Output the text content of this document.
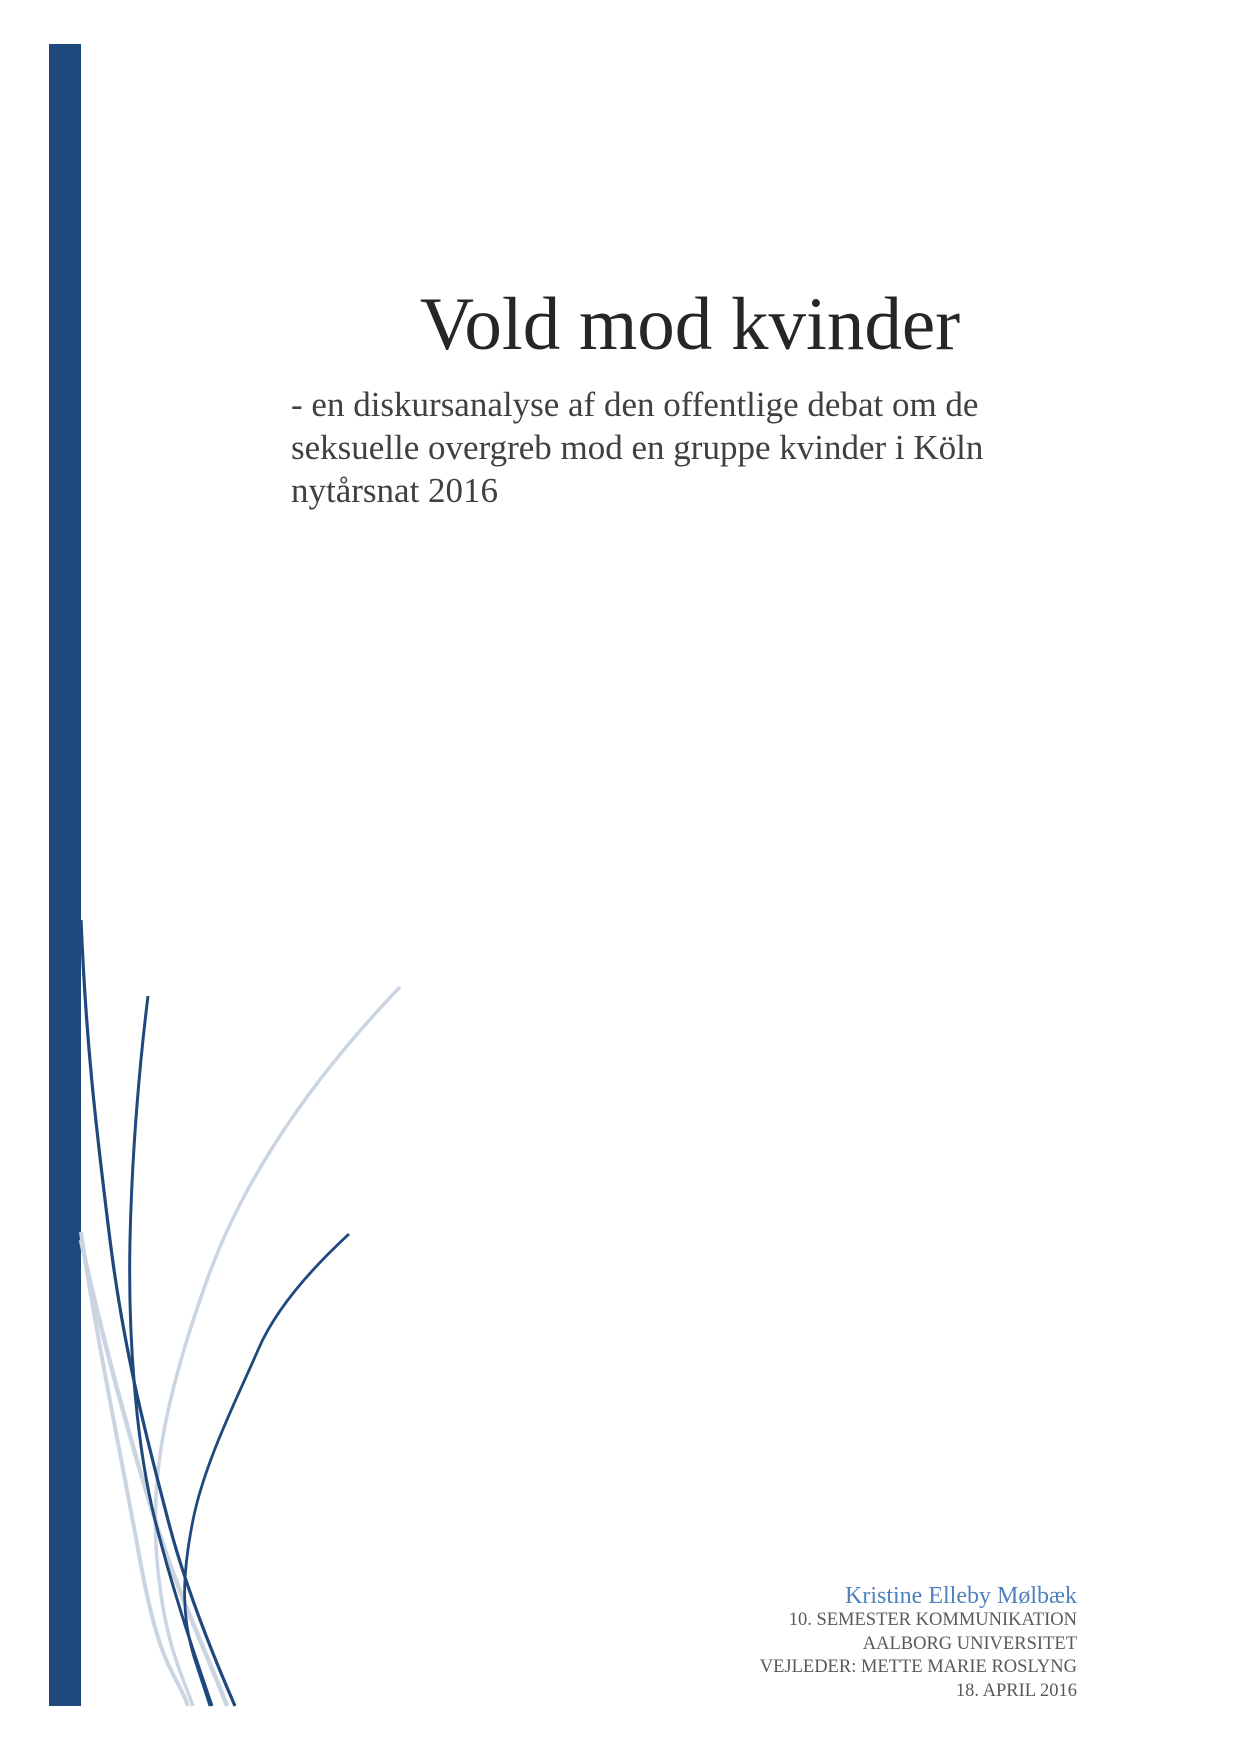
Vold mod kvinder
- en diskursanalyse af den offentlige debat om de
seksuelle overgreb mod en gruppe kvinder i Köln
nytårsnat 2016
Kristine Elleby Mølbæk
10. SEMESTER KOMMUNIKATION
AALBORG UNIVERSITET
VEJLEDER: METTE MARIE ROSLYNG
18. APRIL 2016
